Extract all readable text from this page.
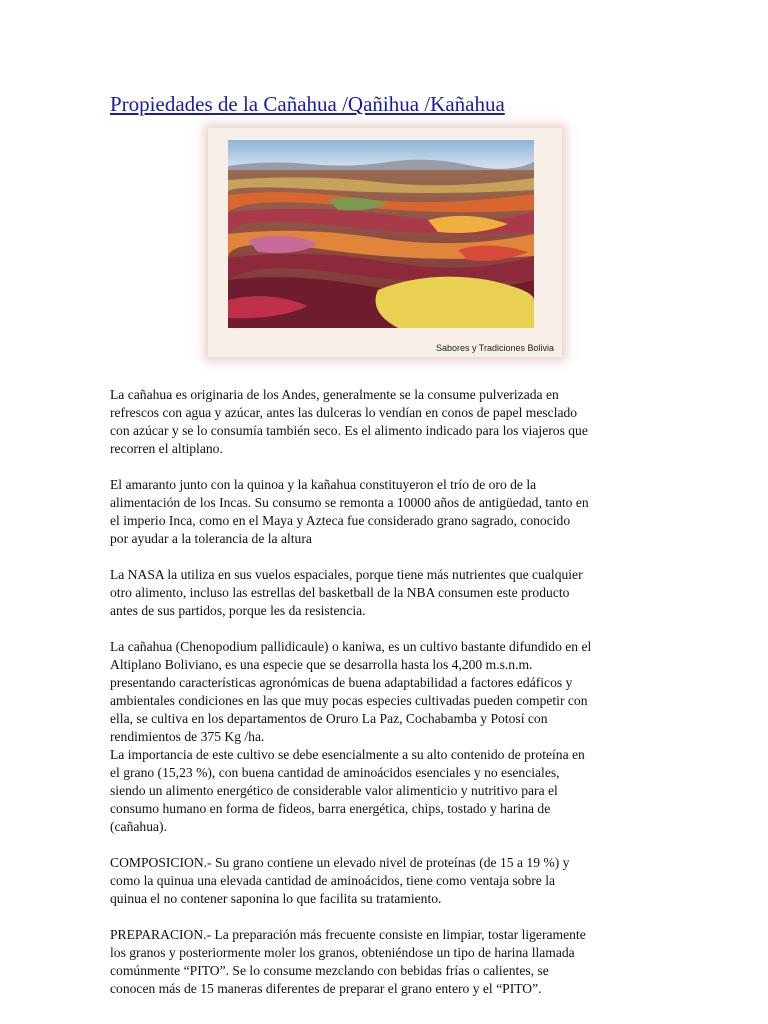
Propiedades de la Cañahua /Qañihua /Kañahua
Sabores y Tradiciones Bolivia

La cañahua es originaria de los Andes, generalmente se la consume pulverizada en
refrescos con agua y azúcar, antes las dulceras lo vendían en conos de papel mesclado
con azúcar y se lo consumía también seco. Es el alimento indicado para los viajeros que
recorren el altiplano.

El amaranto junto con la quinoa y la kañahua constituyeron el trío de oro de la
alimentación de los Incas. Su consumo se remonta a 10000 años de antigüedad, tanto en
el imperio Inca, como en el Maya y Azteca fue considerado grano sagrado, conocido
por ayudar a la tolerancia de la altura

La NASA la utiliza en sus vuelos espaciales, porque tiene más nutrientes que cualquier
otro alimento, incluso las estrellas del basketball de la NBA consumen este producto
antes de sus partidos, porque les da resistencia.

La cañahua (Chenopodium pallidicaule) o kaniwa, es un cultivo bastante difundido en el
Altiplano Boliviano, es una especie que se desarrolla hasta los 4,200 m.s.n.m.
presentando características agronómicas de buena adaptabilidad a factores edáficos y
ambientales condiciones en las que muy pocas especies cultivadas pueden competir con
ella, se cultiva en los departamentos de Oruro La Paz, Cochabamba y Potosí con
rendimientos de 375 Kg /ha.

La importancia de este cultivo se debe esencialmente a su alto contenido de proteína en
el grano (15,23 %), con buena cantidad de aminoácidos esenciales y no esenciales,
siendo un alimento energético de considerable valor alimenticio y nutritivo para el
consumo humano en forma de fideos, barra energética, chips, tostado y harina de
(cañahua).

COMPOSICION.- Su grano contiene un elevado nivel de proteínas (de 15 a 19 %) y
como la quinua una elevada cantidad de aminoácidos, tiene como ventaja sobre la
quinua el no contener saponina lo que facilita su tratamiento.

PREPARACION.- La preparación más frecuente consiste en limpiar, tostar ligeramente
los granos y posteriormente moler los granos, obteniéndose un tipo de harina llamada
comúnmente “PITO”. Se lo consume mezclando con bebidas frías o calientes, se
conocen más de 15 maneras diferentes de preparar el grano entero y el “PITO”.
